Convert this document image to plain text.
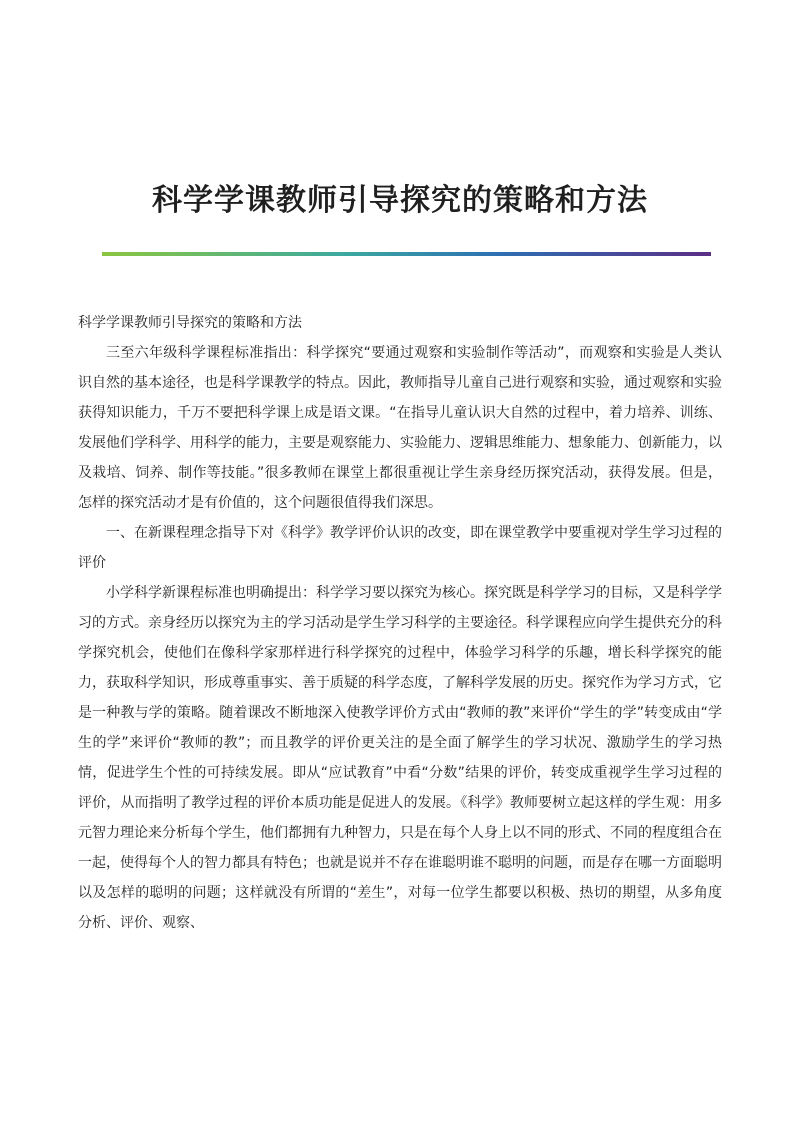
科学学课教师引导探究的策略和方法

科学学课教师引导探究的策略和方法

三至六年级科学课程标准指出：科学探究“要通过观察和实验制作等活动”，而观察和实验是人类认识自然的基本途径，也是科学课教学的特点。因此，教师指导儿童自己进行观察和实验，通过观察和实验获得知识能力，千万不要把科学课上成是语文课。“在指导儿童认识大自然的过程中，着力培养、训练、发展他们学科学、用科学的能力，主要是观察能力、实验能力、逻辑思维能力、想象能力、创新能力，以及栽培、饲养、制作等技能。”很多教师在课堂上都很重视让学生亲身经历探究活动，获得发展。但是，怎样的探究活动才是有价值的，这个问题很值得我们深思。

一、在新课程理念指导下对《科学》教学评价认识的改变，即在课堂教学中要重视对学生学习过程的评价

小学科学新课程标准也明确提出：科学学习要以探究为核心。探究既是科学学习的目标，又是科学学习的方式。亲身经历以探究为主的学习活动是学生学习科学的主要途径。科学课程应向学生提供充分的科学探究机会，使他们在像科学家那样进行科学探究的过程中，体验学习科学的乐趣，增长科学探究的能力，获取科学知识，形成尊重事实、善于质疑的科学态度，了解科学发展的历史。探究作为学习方式，它是一种教与学的策略。随着课改不断地深入使教学评价方式由“教师的教”来评价“学生的学”转变成由“学生的学”来评价“教师的教”；而且教学的评价更关注的是全面了解学生的学习状况、激励学生的学习热情，促进学生个性的可持续发展。即从“应试教育”中看“分数”结果的评价，转变成重视学生学习过程的评价，从而指明了教学过程的评价本质功能是促进人的发展。《科学》教师要树立起这样的学生观：用多元智力理论来分析每个学生，他们都拥有九种智力，只是在每个人身上以不同的形式、不同的程度组合在一起，使得每个人的智力都具有特色；也就是说并不存在谁聪明谁不聪明的问题，而是存在哪一方面聪明以及怎样的聪明的问题；这样就没有所谓的“差生”，对每一位学生都要以积极、热切的期望，从多角度分析、评价、观察、
